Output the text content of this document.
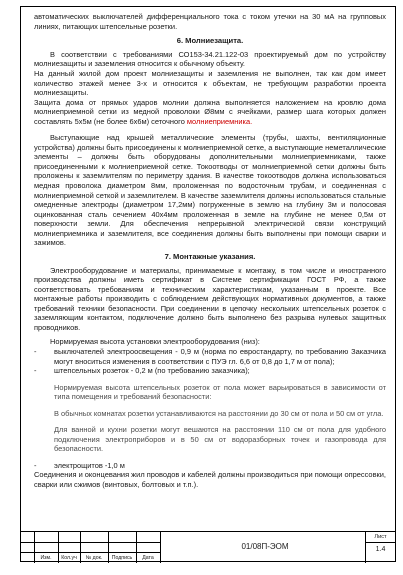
автоматических выключателей дифференциального тока с током утечки на 30 мА на групповых линиях, питающих штепсельные розетки.

6. Молниезащита.

В соответствии с требованиями СО153-34.21.122-03 проектируемый дом по устройству молниезащиты и заземления относится к обычному объекту.

На данный жилой дом проект молниезащиты и заземления не выполнен, так как дом имеет количество этажей менее 3-х и относится к объектам, не требующим разработки проекта молниезащиты.

Защита дома от прямых ударов молнии должна выполняется наложением на кровлю дома молниеприемной сетки из медной проволоки Ø8мм с ячейками, размер шага которых должен составлять 5х5м (не более 6х6м) сеточного молниеприемника.

Выступающие над крышей металлические элементы (трубы, шахты, вентиляционные устройства) должны быть присоединены к молниеприемной сетке, а выступающие неметаллические элементы – должны быть оборудованы дополнительными молниеприемниками, также присоединенными к молниеприемной сетке. Токоотводы от молниеприемной сетки должны быть проложены к заземлителям по периметру здания. В качестве токоотводов должна использоваться медная проволока диаметром 8мм, проложенная по водосточным трубам, и соединенная с молниеприемной сеткой и заземлителем. В качестве заземлителя должны использоваться стальные омедненные электроды (диаметром 17,2мм) погруженные в землю на глубину 3м и полосовая оцинкованная сталь сечением 40х4мм проложенная в земле на глубине не менее 0,5м от поверхности земли. Для обеспечения непрерывной электрической связи конструкций молниеприемника и заземлителя, все соединения должны быть выполнены при помощи сварки и зажимов.

7. Монтажные указания.

Электрооборудование и материалы, принимаемые к монтажу, в том числе и иностранного производства должны иметь сертификат в Системе сертификации ГОСТ РФ, а также соответствовать требованиям и техническим характеристикам, указанным в проекте. Все монтажные работы производить с соблюдением действующих нормативных документов, а также требований техники безопасности. При соединении в цепочку нескольких штепсельных розеток с заземляющим контактом, подключение должно быть выполнено без разрыва нулевых защитных проводников.

Нормируемая высота установки электрооборудования (низ):

- выключателей электроосвещения - 0,9 м (норма по евростандарту, по требованию Заказчика могут вноситься изменения в соответствии с ПУЭ гл. 6,6 от 0,8 до 1,7 м от пола);

- штепсельных розеток - 0,2 м (по требованию заказчика);

Нормируемая высота штепсельных розеток от пола может варьироваться в зависимости от типа помещения и требований безопасности:

В обычных комнатах розетки устанавливаются на расстоянии до 30 см от пола и 50 см от угла.

Для ванной и кухни розетки могут вешаются на расстоянии 110 см от пола для удобного подключения электроприборов и в 50 см от водоразборных точек и газопровода для безопасности.

- электрощитов -1,0 м

Соединения и оконцевания жил проводов и кабелей должны производиться при помощи опрессовки, сварки или сжимов (винтовых, болтовых и т.п.).

Изм.	Кол.уч	№ док.	Подпись	Дата
01/08П-ЭОМ
Лист
1.4
